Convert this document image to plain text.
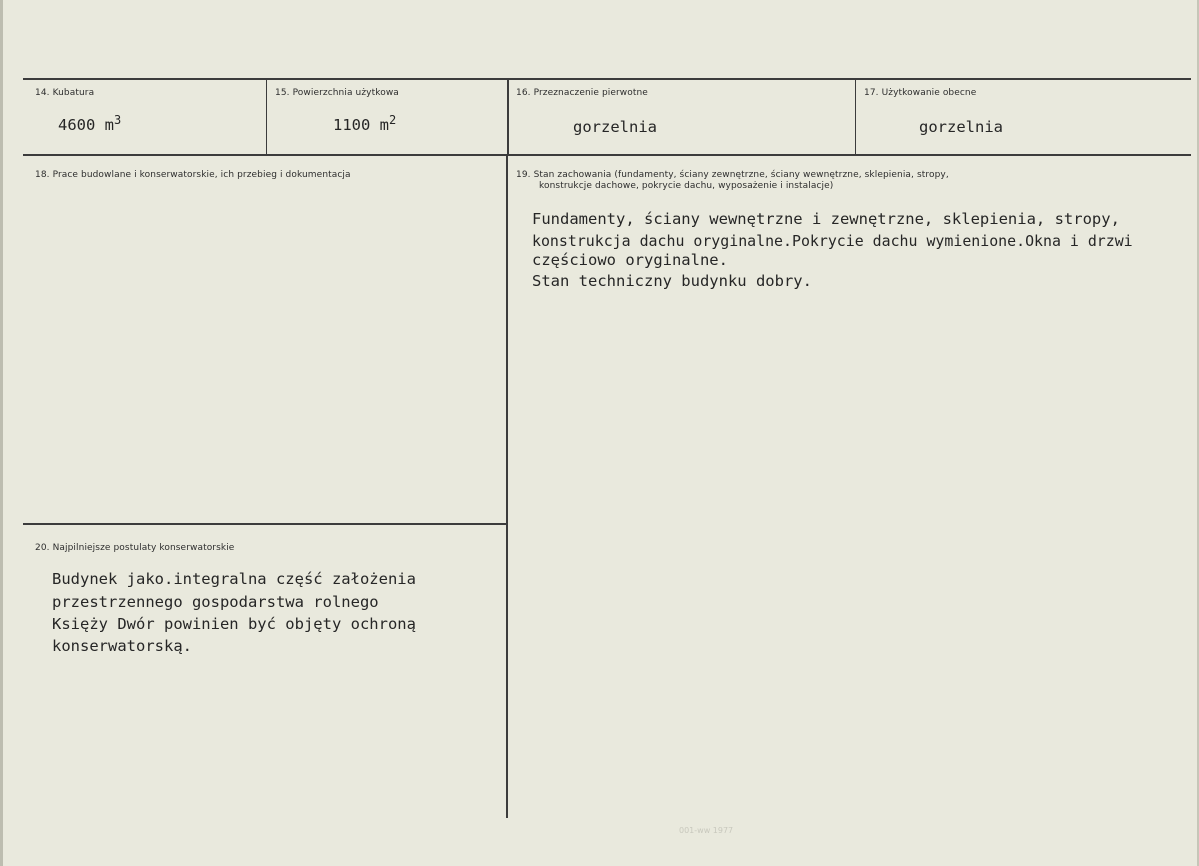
14. Kubatura
4600 $m^3$
15. Powierzchnia użytkowa
1100 $m^2$
16. Przeznaczenie pierwotne
gorzelnia
17. Użytkowanie obecne
gorzelnia
18. Prace budowlane i konserwatorskie, ich przebieg i dokumentacja	19. Stan zachowania (fundamenty, ściany zewnętrzne, ściany wewnętrzne, sklepienia, stropy,
konstrukcje dachowe, pokrycie dachu, wyposażenie i instalacje)
Fundamenty, ściany wewnętrzne i zewnętrzne, sklepienia, stropy,
konstrukcja dachu oryginalne.Pokrycie dachu wymienione.Okna i drzwi
częściowo oryginalne.
Stan techniczny budynku dobry.
20. Najpilniejsze postulaty konserwatorskie
Budynek jako.integralna część założenia
przestrzennego gospodarstwa rolnego
Księży Dwór powinien być objęty ochroną
konserwatorską.
001-ww 1977
